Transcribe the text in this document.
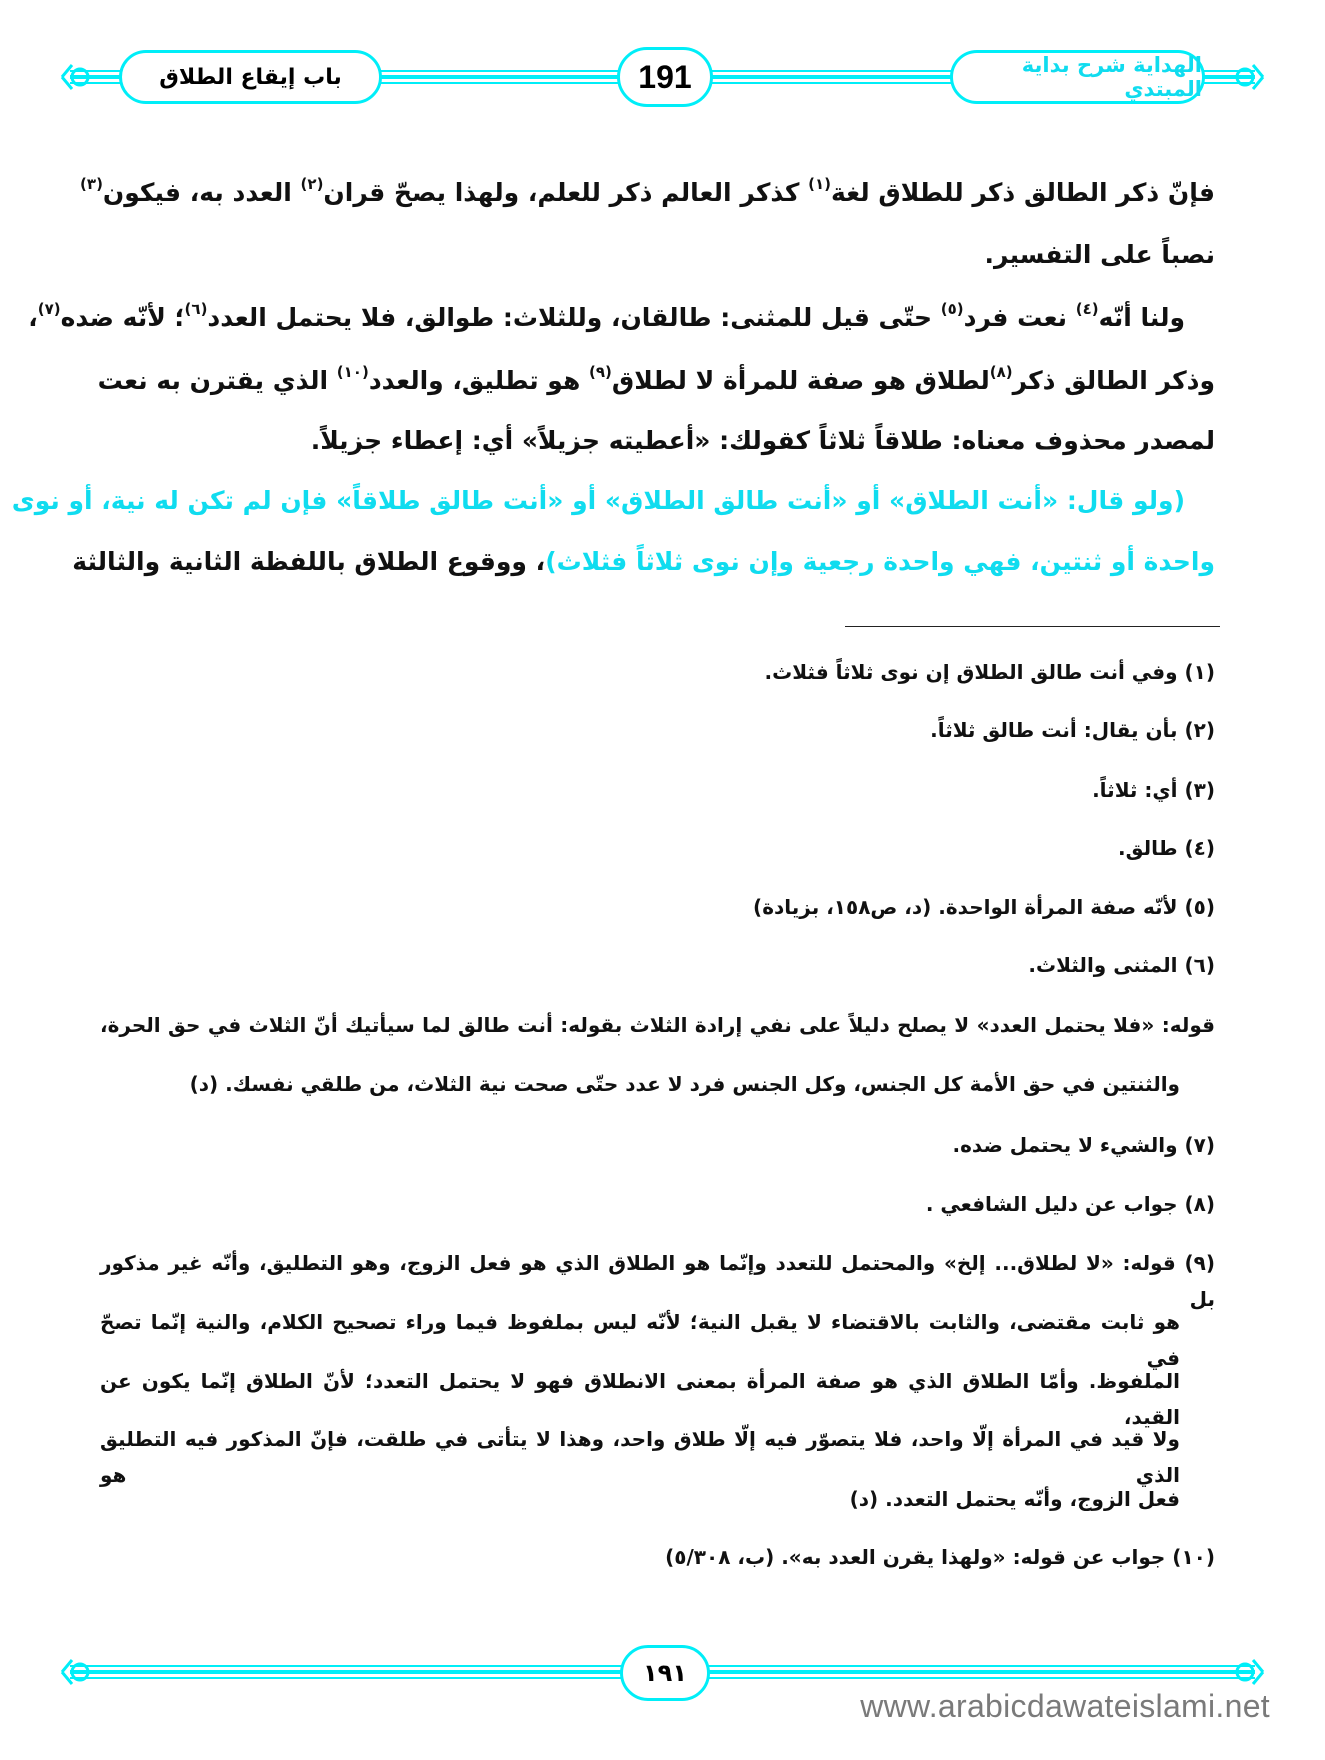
الهداية شرح بداية المبتدي
191
باب إيقاع الطلاق
فإنّ ذكر الطالق ذكر للطلاق لغة$^{(١)}$ كذكر العالم ذكر للعلم، ولهذا يصحّ قران$^{(٢)}$ العدد به، فيكون$^{(٣)}$
نصباً على التفسير.
ولنا أنّه$^{(٤)}$ نعت فرد$^{(٥)}$ حتّى قيل للمثنى: طالقان، وللثلاث: طوالق، فلا يحتمل العدد$^{(٦)}$؛ لأنّه ضده$^{(٧)}$،
وذكر الطالق ذكر$^{(٨)}$لطلاق هو صفة للمرأة لا لطلاق$^{(٩)}$ هو تطليق، والعدد$^{(١٠)}$ الذي يقترن به نعت
لمصدر محذوف معناه: طلاقاً ثلاثاً كقولك: «أعطيته جزيلاً» أي: إعطاء جزيلاً.
(ولو قال: «أنت الطلاق» أو «أنت طالق الطلاق» أو «أنت طالق طلاقاً» فإن لم تكن له نية، أو نوى
واحدة أو ثنتين، فهي واحدة رجعية وإن نوى ثلاثاً فثلاث)، ووقوع الطلاق باللفظة الثانية والثالثة
(١) وفي أنت طالق الطلاق إن نوى ثلاثاً فثلاث.
(٢) بأن يقال: أنت طالق ثلاثاً.
(٣) أي: ثلاثاً.
(٤) طالق.
(٥) لأنّه صفة المرأة الواحدة. (د، ص١٥٨، بزيادة)
(٦) المثنى والثلاث.
قوله: «فلا يحتمل العدد» لا يصلح دليلاً على نفي إرادة الثلاث بقوله: أنت طالق لما سيأتيك أنّ الثلاث في حق الحرة،
والثنتين في حق الأمة كل الجنس، وكل الجنس فرد لا عدد حتّى صحت نية الثلاث، من طلقي نفسك. (د)
(٧) والشيء لا يحتمل ضده.
(٨) جواب عن دليل الشافعي .
(٩) قوله: «لا لطلاق... إلخ» والمحتمل للتعدد وإنّما هو الطلاق الذي هو فعل الزوج، وهو التطليق، وأنّه غير مذكور بل
هو ثابت مقتضى، والثابت بالاقتضاء لا يقبل النية؛ لأنّه ليس بملفوظ فيما وراء تصحيح الكلام، والنية إنّما تصحّ في
الملفوظ. وأمّا الطلاق الذي هو صفة المرأة بمعنى الانطلاق فهو لا يحتمل التعدد؛ لأنّ الطلاق إنّما يكون عن القيد،
ولا قيد في المرأة إلّا واحد، فلا يتصوّر فيه إلّا طلاق واحد، وهذا لا يتأتى في طلقت، فإنّ المذكور فيه التطليق الذي هو
فعل الزوج، وأنّه يحتمل التعدد. (د)
(١٠) جواب عن قوله: «ولهذا يقرن العدد به». (ب، ٥/٣٠٨)
١٩١
www.arabicdawateislami.net
